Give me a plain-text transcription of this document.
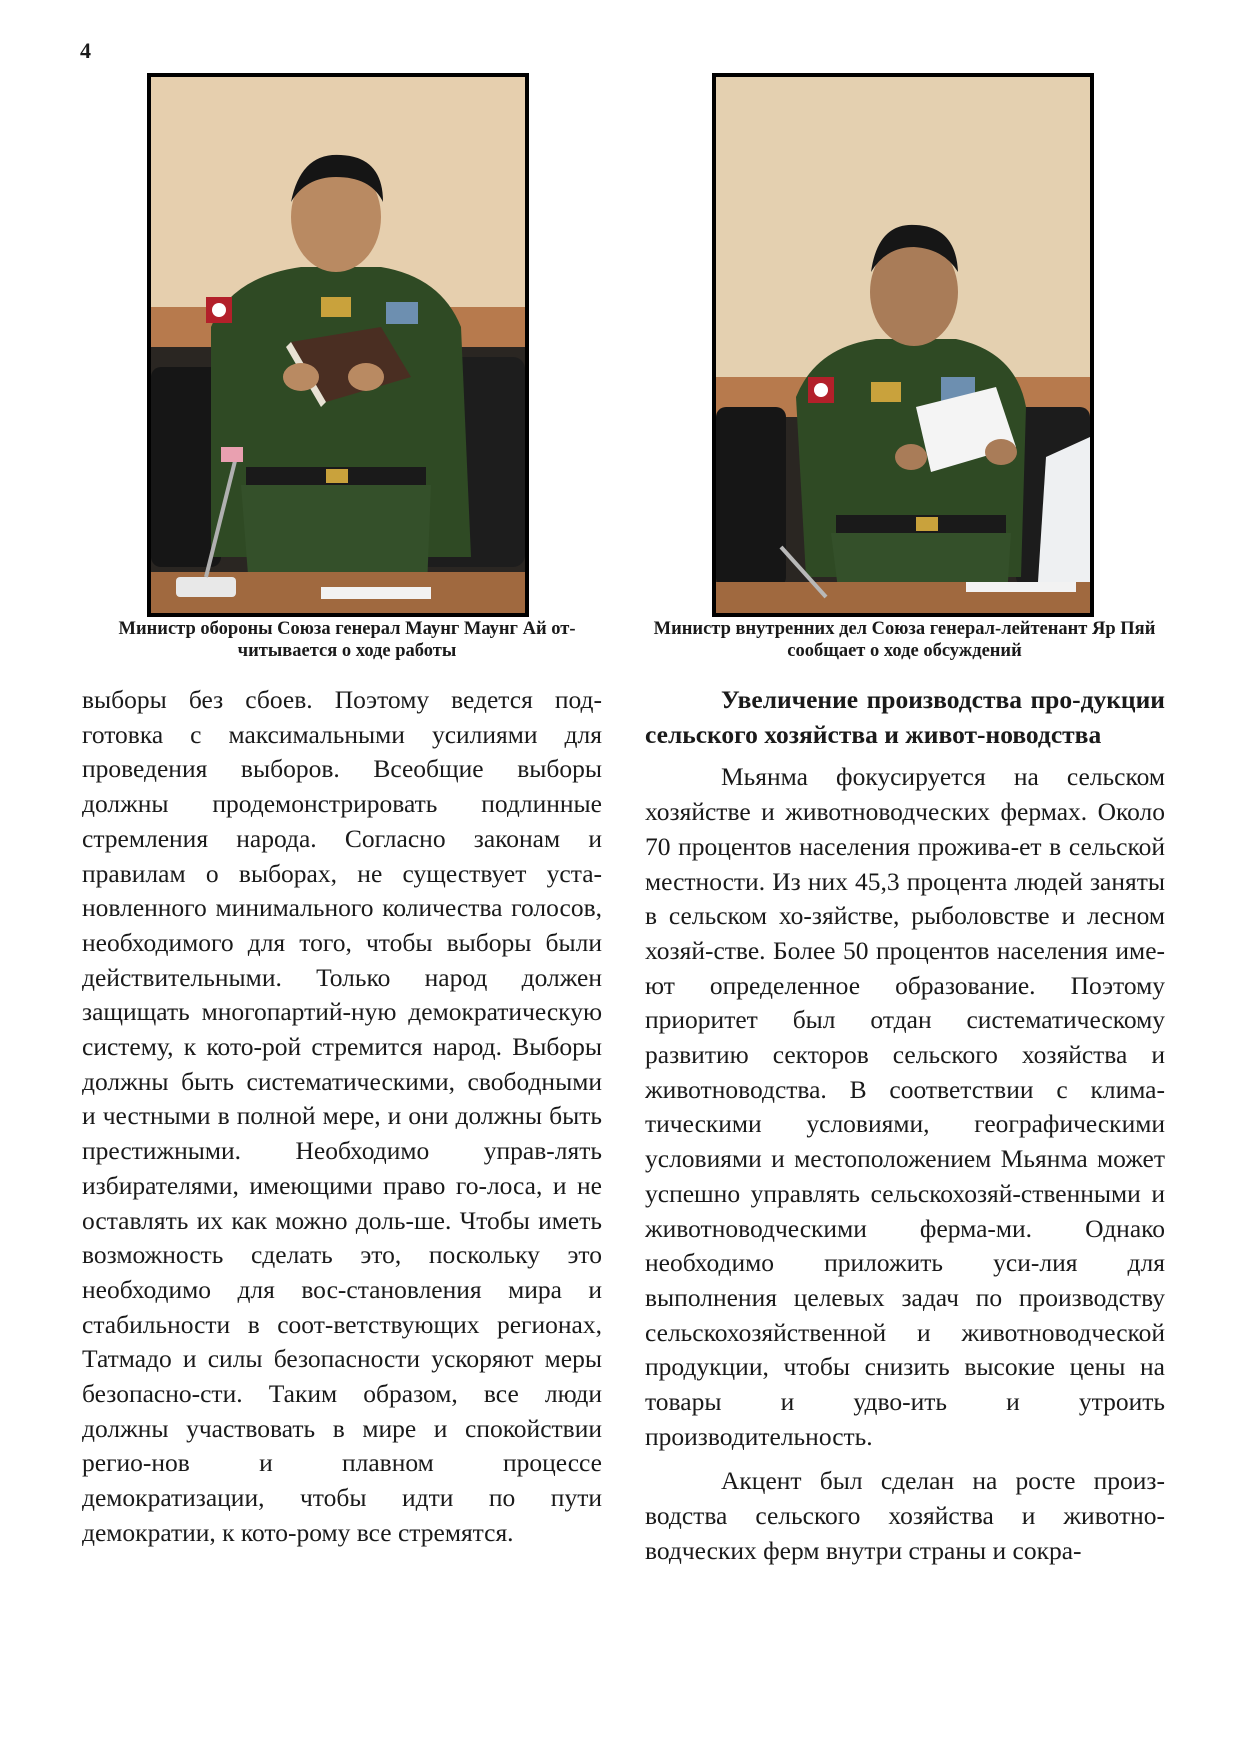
4
Министр обороны Союза генерал Маунг Маунг Ай от-читывается о ходе работы
Министр внутренних дел Союза генерал-лейтенант Яр Пяй сообщает о ходе обсуждений

выборы без сбоев. Поэтому ведется под-готовка с максимальными усилиями для проведения выборов. Всеобщие выборы должны продемонстрировать подлинные стремления народа. Согласно законам и правилам о выборах, не существует уста-новленного минимального количества голосов, необходимого для того, чтобы выборы были действительными. Только народ должен защищать многопартий-ную демократическую систему, к кото-рой стремится народ. Выборы должны быть систематическими, свободными и честными в полной мере, и они должны быть престижными. Необходимо управ-лять избирателями, имеющими право го-лоса, и не оставлять их как можно доль-ше. Чтобы иметь возможность сделать это, поскольку это необходимо для вос-становления мира и стабильности в соот-ветствующих регионах, Татмадо и силы безопасности ускоряют меры безопасно-сти. Таким образом, все люди должны участвовать в мире и спокойствии регио-нов и плавном процессе демократизации, чтобы идти по пути демократии, к кото-рому все стремятся.

Увеличение производства про-дукции сельского хозяйства и живот-новодства

Мьянма фокусируется на сельском хозяйстве и животноводческих фермах. Около 70 процентов населения прожива-ет в сельской местности. Из них 45,3 процента людей заняты в сельском хо-зяйстве, рыболовстве и лесном хозяй-стве. Более 50 процентов населения име-ют определенное образование. Поэтому приоритет был отдан систематическому развитию секторов сельского хозяйства и животноводства. В соответствии с клима-тическими условиями, географическими условиями и местоположением Мьянма может успешно управлять сельскохозяй-ственными и животноводческими ферма-ми. Однако необходимо приложить уси-лия для выполнения целевых задач по производству сельскохозяйственной и животноводческой продукции, чтобы снизить высокие цены на товары и удво-ить и утроить производительность.

Акцент был сделан на росте произ-водства сельского хозяйства и животно-водческих ферм внутри страны и сокра-
